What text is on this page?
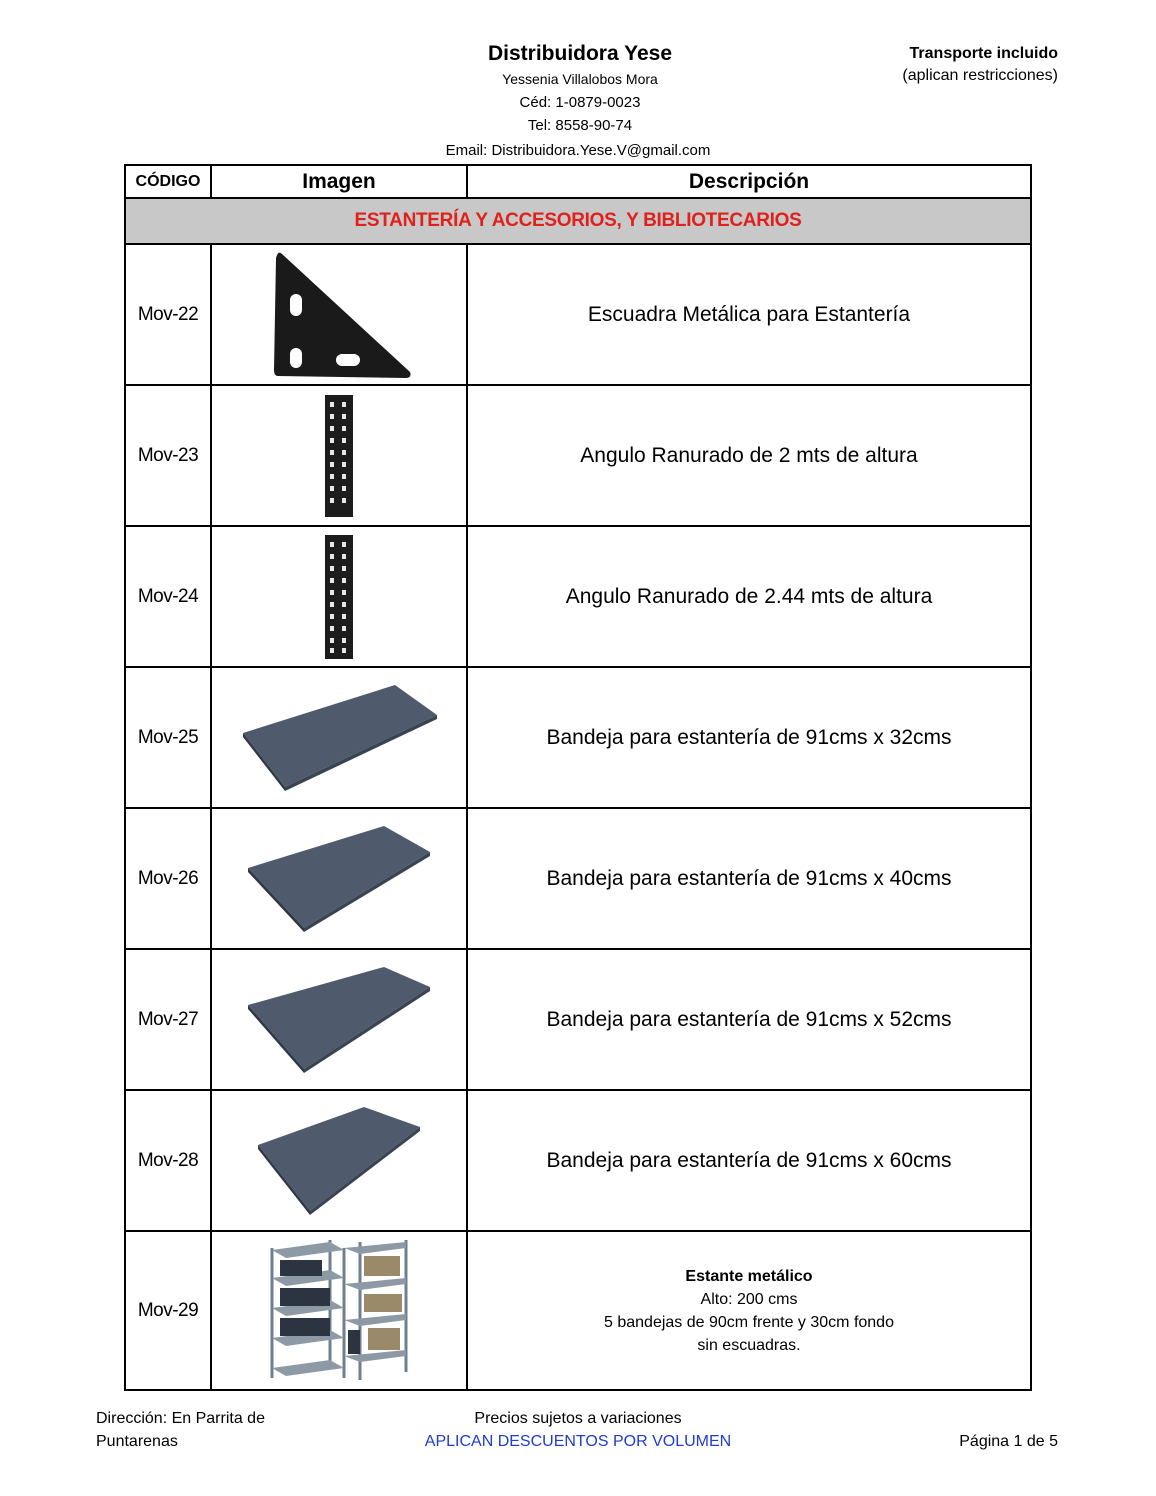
Distribuidora Yese
Yessenia Villalobos Mora
Céd: 1-0879-0023
Tel: 8558-90-74
Email: Distribuidora.Yese.V@gmail.com
Transporte incluido
(aplican restricciones)
CÓDIGO	Imagen	Descripción
ESTANTERÍA Y ACCESORIOS, Y BIBLIOTECARIOS		
Mov-22		Escuadra Metálica para Estantería
Mov-23		Angulo Ranurado de 2 mts de altura
Mov-24		Angulo Ranurado de 2.44 mts de altura
Mov-25		Bandeja para estantería de 91cms x 32cms
Mov-26		Bandeja para estantería de 91cms x 40cms
Mov-27		Bandeja para estantería de 91cms x 52cms
Mov-28		Bandeja para estantería de 91cms x 60cms
Mov-29		Estante metálico
Alto: 200 cms
5 bandejas de 90cm frente y 30cm fondo
sin escuadras.
Dirección: En Parrita de
Puntarenas
Precios sujetos a variaciones
APLICAN DESCUENTOS POR VOLUMEN	Página 1 de 5
